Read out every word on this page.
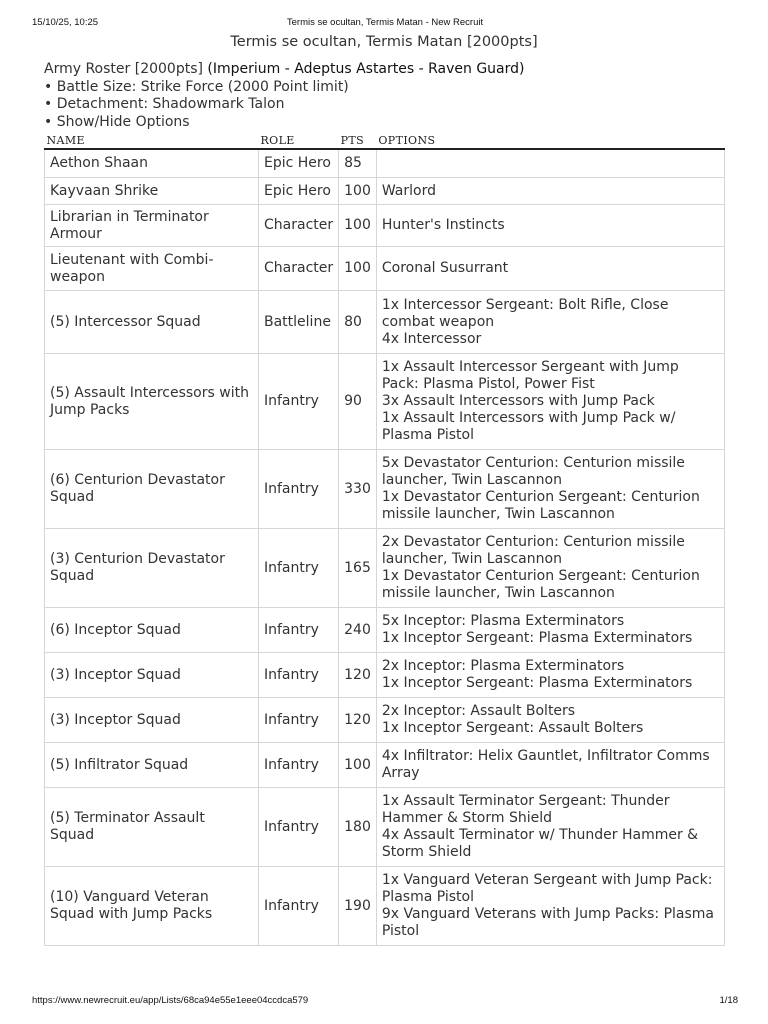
15/10/25, 10:25	Termis se ocultan, Termis Matan - New Recruit
Termis se ocultan, Termis Matan [2000pts]
Army Roster [2000pts] (Imperium - Adeptus Astartes - Raven Guard)
• Battle Size: Strike Force (2000 Point limit)
• Detachment: Shadowmark Talon
• Show/Hide Options
name	role	pts	options
Aethon Shaan	Epic Hero	85	
Kayvaan Shrike	Epic Hero	100	Warlord

Librarian in Terminator Armour	Character	100	Hunter's Instincts

Lieutenant with Combi-weapon	Character	100	Coronal Susurrant

(5) Intercessor Squad	Battleline	80	1x Intercessor Sergeant: Bolt Rifle, Close combat weapon
4x Intercessor

(5) Assault Intercessors with Jump Packs	Infantry	90	1x Assault Intercessor Sergeant with Jump Pack: Plasma Pistol, Power Fist
3x Assault Intercessors with Jump Pack
1x Assault Intercessors with Jump Pack w/ Plasma Pistol

(6) Centurion Devastator Squad	Infantry	330	5x Devastator Centurion: Centurion missile launcher, Twin Lascannon
1x Devastator Centurion Sergeant: Centurion missile launcher, Twin Lascannon

(3) Centurion Devastator Squad	Infantry	165	2x Devastator Centurion: Centurion missile launcher, Twin Lascannon
1x Devastator Centurion Sergeant: Centurion missile launcher, Twin Lascannon

(6) Inceptor Squad	Infantry	240	5x Inceptor: Plasma Exterminators
1x Inceptor Sergeant: Plasma Exterminators

(3) Inceptor Squad	Infantry	120	2x Inceptor: Plasma Exterminators
1x Inceptor Sergeant: Plasma Exterminators

(3) Inceptor Squad	Infantry	120	2x Inceptor: Assault Bolters
1x Inceptor Sergeant: Assault Bolters

(5) Infiltrator Squad	Infantry	100	4x Infiltrator: Helix Gauntlet, Infiltrator Comms Array

(5) Terminator Assault Squad	Infantry	180	1x Assault Terminator Sergeant: Thunder Hammer & Storm Shield
4x Assault Terminator w/ Thunder Hammer & Storm Shield

(10) Vanguard Veteran Squad with Jump Packs	Infantry	190	1x Vanguard Veteran Sergeant with Jump Pack: Plasma Pistol
9x Vanguard Veterans with Jump Packs: Plasma Pistol
https://www.newrecruit.eu/app/Lists/68ca94e55e1eee04ccdca579	1/18
